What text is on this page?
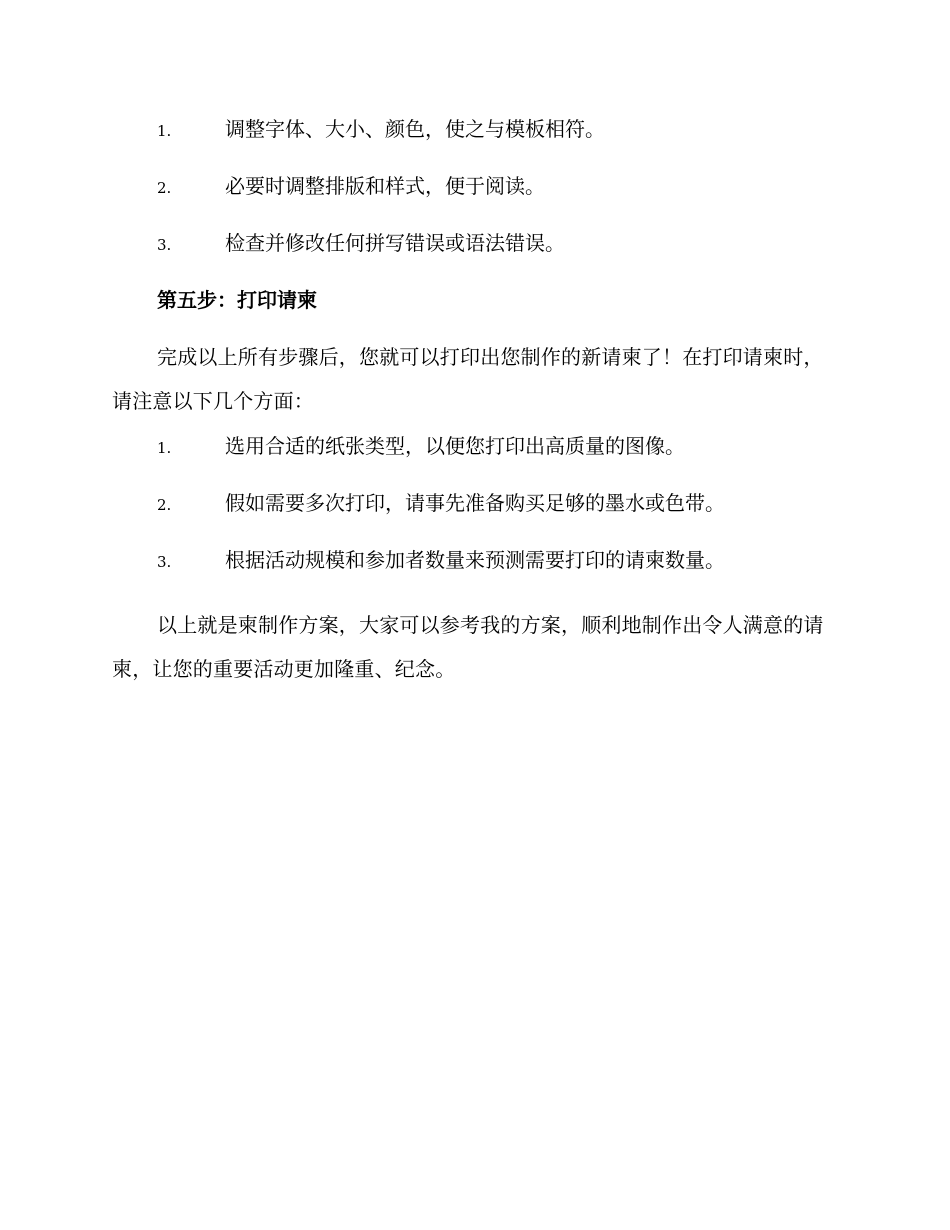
1.	调整字体、大小、颜色，使之与模板相符。
2.	必要时调整排版和样式，便于阅读。
3.	检查并修改任何拼写错误或语法错误。
第五步：打印请柬

完成以上所有步骤后，您就可以打印出您制作的新请柬了！在打印请柬时，请注意以下几个方面：

1.	选用合适的纸张类型，以便您打印出高质量的图像。
2.	假如需要多次打印，请事先准备购买足够的墨水或色带。
3.	根据活动规模和参加者数量来预测需要打印的请柬数量。

以上就是柬制作方案，大家可以参考我的方案，顺利地制作出令人满意的请柬，让您的重要活动更加隆重、纪念。
